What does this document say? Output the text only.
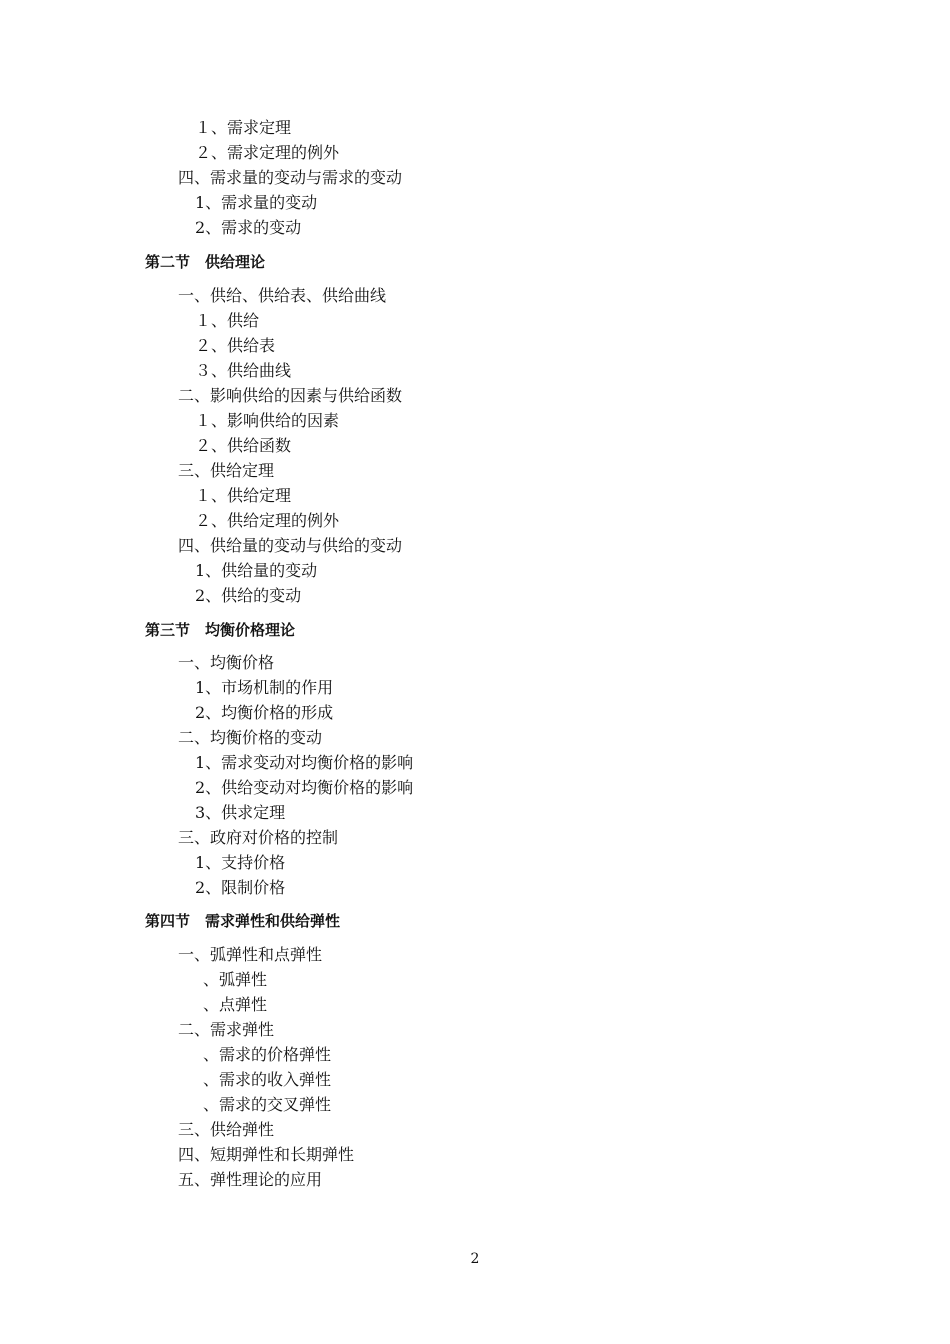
１、需求定理
２、需求定理的例外
四、需求量的变动与需求的变动
1、需求量的变动
2、需求的变动
第二节　供给理论
一、供给、供给表、供给曲线
１、供给
２、供给表
３、供给曲线
二、影响供给的因素与供给函数
１、影响供给的因素
２、供给函数
三、供给定理
１、供给定理
２、供给定理的例外
四、供给量的变动与供给的变动
1、供给量的变动
2、供给的变动
第三节　均衡价格理论
一、均衡价格
1、市场机制的作用
2、均衡价格的形成
二、均衡价格的变动
1、需求变动对均衡价格的影响
2、供给变动对均衡价格的影响
3、供求定理
三、政府对价格的控制
1、支持价格
2、限制价格
第四节　需求弹性和供给弹性
一、弧弹性和点弹性
、弧弹性
、点弹性
二、需求弹性
、需求的价格弹性
、需求的收入弹性
、需求的交叉弹性
三、供给弹性
四、短期弹性和长期弹性
五、弹性理论的应用
2
